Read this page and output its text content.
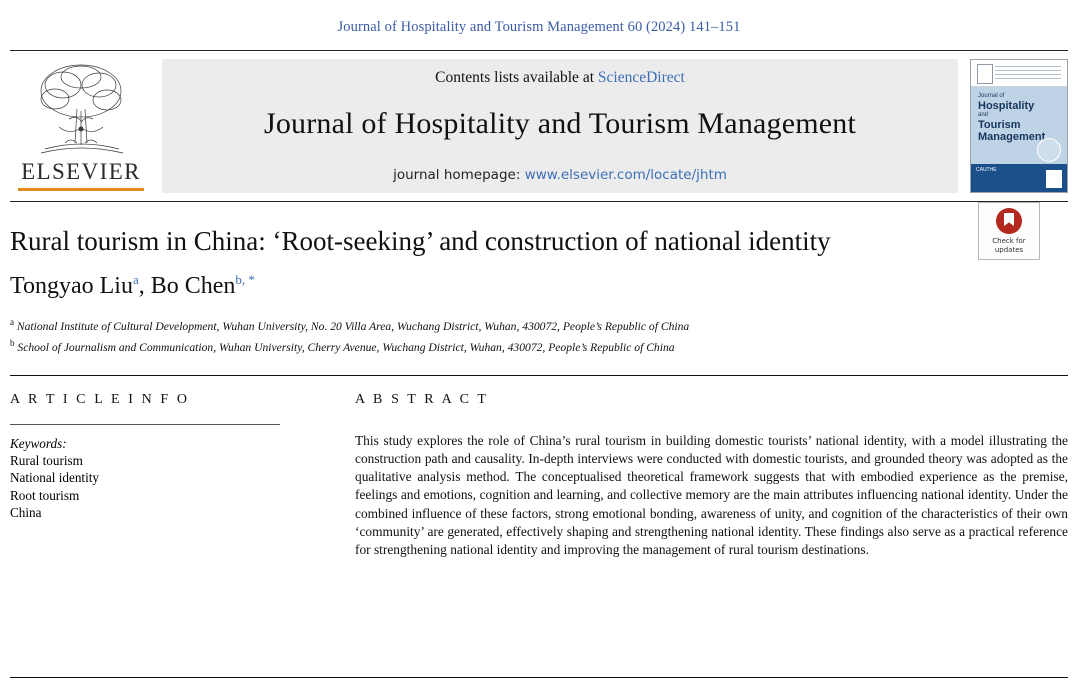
Journal of Hospitality and Tourism Management 60 (2024) 141–151
ELSEVIER
Contents lists available at ScienceDirect
Journal of Hospitality and Tourism Management
journal homepage: www.elsevier.com/locate/jhtm
Journal of
Hospitality
and
Tourism
Management
CAUTHE
Check for
updates
Rural tourism in China: ‘Root-seeking’ and construction of national identity
Tongyao Liu$^a$, Bo Chen$^{b, *}$
$^a$ National Institute of Cultural Development, Wuhan University, No. 20 Villa Area, Wuchang District, Wuhan, 430072, People’s Republic of China
$^b$ School of Journalism and Communication, Wuhan University, Cherry Avenue, Wuchang District, Wuhan, 430072, People’s Republic of China
A R T I C L E I N F O
Keywords:
Rural tourism
National identity
Root tourism
China
A B S T R A C T
This study explores the role of China’s rural tourism in building domestic tourists’ national identity, with a model illustrating the construction path and causality. In-depth interviews were conducted with domestic tourists, and grounded theory was adopted as the qualitative analysis method. The conceptualised theoretical framework suggests that with embodied experience as the premise, feelings and emotions, cognition and learning, and collective memory are the main attributes influencing national identity. Under the combined influence of these factors, strong emotional bonding, awareness of unity, and cognition of the characteristics of their own ‘community’ are generated, effectively shaping and strengthening national identity. These findings also serve as a practical reference for strengthening national identity and improving the management of rural tourism destinations.
